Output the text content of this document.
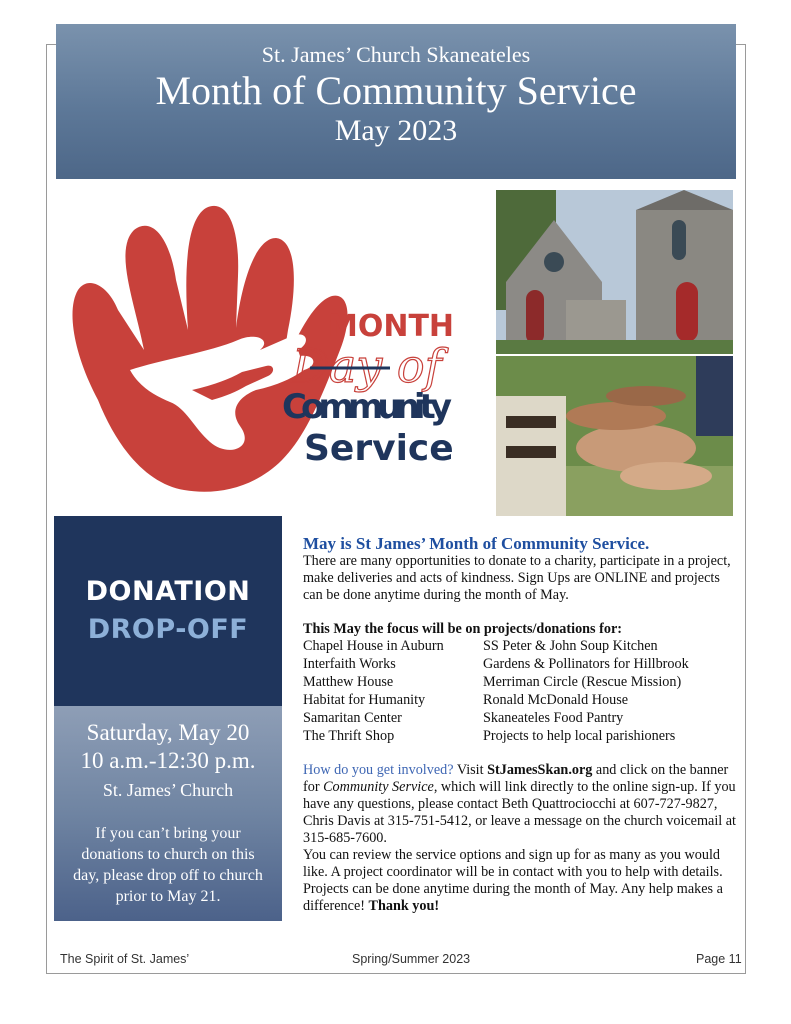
St. James’ Church Skaneateles
Month of Community Service
May 2023
MONTH
Day of
Community
Service
DONATION
DROP-OFF
Saturday, May 20
10 a.m.-12:30 p.m.
St. James’ Church
If you can’t bring your donations to church on this day, please drop off to church prior to May 21.

May is St James’ Month of Community Service.

There are many opportunities to donate to a charity, participate in a project, make deliveries and acts of kindness. Sign Ups are ONLINE and projects can be done anytime during the month of May.

This May the focus will be on projects/donations for:

Chapel House in Auburn	SS Peter & John Soup Kitchen
Interfaith Works	Gardens & Pollinators for Hillbrook
Matthew House	Merriman Circle (Rescue Mission)
Habitat for Humanity	Ronald McDonald House
Samaritan Center	Skaneateles Food Pantry
The Thrift Shop	Projects to help local parishioners

How do you get involved? Visit StJamesSkan.org and click on the banner for Community Service, which will link directly to the online sign-up. If you have any questions, please contact Beth Quattrociocchi at 607-727-9827, Chris Davis at 315-751-5412, or leave a message on the church voicemail at 315-685-7600.

You can review the service options and sign up for as many as you would like. A project coordinator will be in contact with you to help with details. Projects can be done anytime during the month of May. Any help makes a difference! Thank you!

The Spirit of St. James’	Spring/Summer 2023	Page 11
